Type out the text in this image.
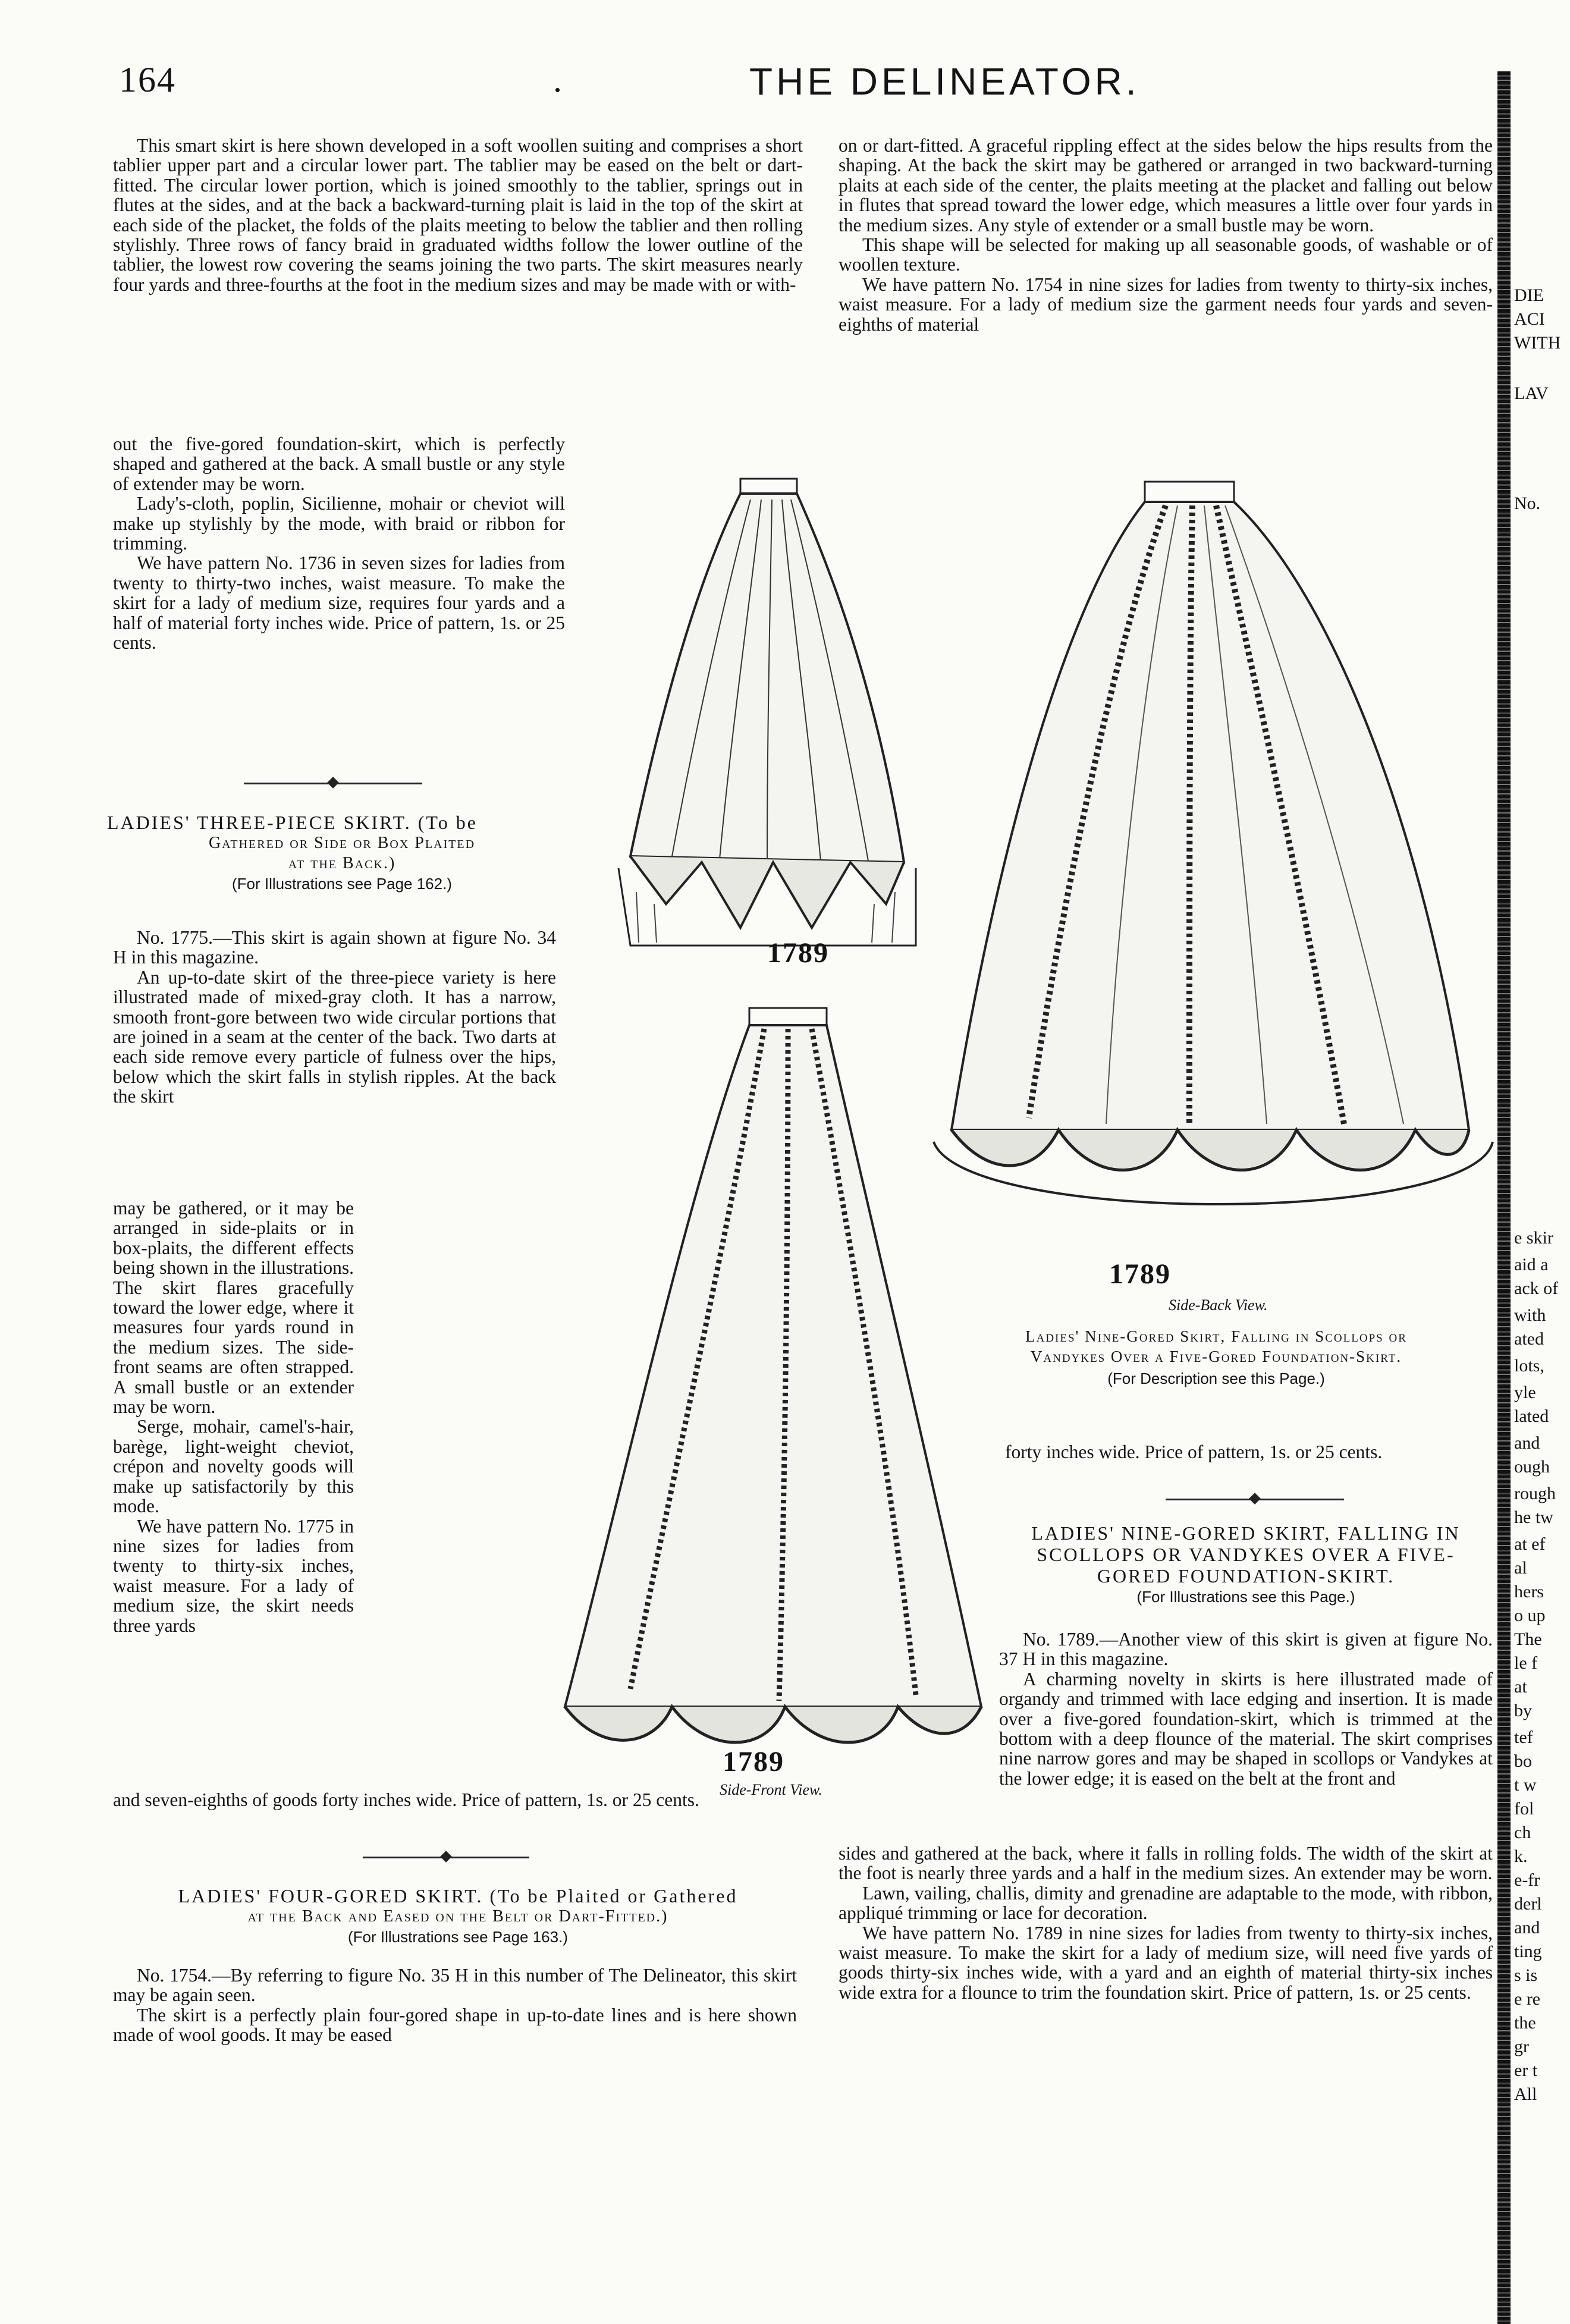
164	.	THE DELINEATOR.

This smart skirt is here shown developed in a soft woollen suiting and comprises a short tablier upper part and a circular lower part. The tablier may be eased on the belt or dart-fitted. The circular lower portion, which is joined smoothly to the tablier, springs out in flutes at the sides, and at the back a backward-turning plait is laid in the top of the skirt at each side of the placket, the folds of the plaits meeting to below the tablier and then rolling stylishly. Three rows of fancy braid in graduated widths follow the lower outline of the tablier, the lowest row covering the seams joining the two parts. The skirt measures nearly four yards and three-fourths at the foot in the medium sizes and may be made with or with-

out the five-gored foundation-skirt, which is perfectly shaped and gathered at the back. A small bustle or any style of extender may be worn.

Lady's-cloth, poplin, Sicilienne, mohair or cheviot will make up stylishly by the mode, with braid or ribbon for trimming.

We have pattern No. 1736 in seven sizes for ladies from twenty to thirty-two inches, waist measure. To make the skirt for a lady of medium size, requires four yards and a half of material forty inches wide. Price of pattern, 1s. or 25 cents.

LADIES' THREE-PIECE SKIRT. (To be
Gathered or Side or Box Plaited
at the Back.)
(For Illustrations see Page 162.)

No. 1775.—This skirt is again shown at figure No. 34 H in this magazine.

An up-to-date skirt of the three-piece variety is here illustrated made of mixed-gray cloth. It has a narrow, smooth front-gore between two wide circular portions that are joined in a seam at the center of the back. Two darts at each side remove every particle of fulness over the hips, below which the skirt falls in stylish ripples. At the back the skirt

may be gathered, or it may be arranged in side-plaits or in box-plaits, the different effects being shown in the illustrations. The skirt flares gracefully toward the lower edge, where it measures four yards round in the medium sizes. The side-front seams are often strapped. A small bustle or an extender may be worn.

Serge, mohair, camel's-hair, barège, light-weight cheviot, crépon and novelty goods will make up satisfactorily by this mode.

We have pattern No. 1775 in nine sizes for ladies from twenty to thirty-six inches, waist measure. For a lady of medium size, the skirt needs three yards

and seven-eighths of goods forty inches wide. Price of pattern, 1s. or 25 cents.

LADIES' FOUR-GORED SKIRT. (To be Plaited or Gathered
at the Back and Eased on the Belt or Dart-Fitted.)
(For Illustrations see Page 163.)

No. 1754.—By referring to figure No. 35 H in this number of The Delineator, this skirt may be again seen.

The skirt is a perfectly plain four-gored shape in up-to-date lines and is here shown made of wool goods. It may be eased

on or dart-fitted. A graceful rippling effect at the sides below the hips results from the shaping. At the back the skirt may be gathered or arranged in two backward-turning plaits at each side of the center, the plaits meeting at the placket and falling out below in flutes that spread toward the lower edge, which measures a little over four yards in the medium sizes. Any style of extender or a small bustle may be worn.

This shape will be selected for making up all seasonable goods, of washable or of woollen texture.

We have pattern No. 1754 in nine sizes for ladies from twenty to thirty-six inches, waist measure. For a lady of medium size the garment needs four yards and seven-eighths of material

1789
1789
Side-Back View.
1789
Side-Front View.
Ladies' Nine-Gored Skirt, Falling in Scollops or
Vandykes Over a Five-Gored Foundation-Skirt.
(For Description see this Page.)

forty inches wide. Price of pattern, 1s. or 25 cents.

LADIES' NINE-GORED SKIRT, FALLING IN
SCOLLOPS OR VANDYKES OVER A FIVE-
GORED FOUNDATION-SKIRT.
(For Illustrations see this Page.)

No. 1789.—Another view of this skirt is given at figure No. 37 H in this magazine.

A charming novelty in skirts is here illustrated made of organdy and trimmed with lace edging and insertion. It is made over a five-gored foundation-skirt, which is trimmed at the bottom with a deep flounce of the material. The skirt comprises nine narrow gores and may be shaped in scollops or Vandykes at the lower edge; it is eased on the belt at the front and

sides and gathered at the back, where it falls in rolling folds. The width of the skirt at the foot is nearly three yards and a half in the medium sizes. An extender may be worn.

Lawn, vailing, challis, dimity and grenadine are adaptable to the mode, with ribbon, appliqué trimming or lace for decoration.

We have pattern No. 1789 in nine sizes for ladies from twenty to thirty-six inches, waist measure. To make the skirt for a lady of medium size, will need five yards of goods thirty-six inches wide, with a yard and an eighth of material thirty-six inches wide extra for a flounce to trim the foundation skirt. Price of pattern, 1s. or 25 cents.

DIE
ACI
WITH
LAV
No.
e skir
aid a
ack of
with
ated
lots,
yle
lated
and
ough
rough
he tw
at ef
al
hers
o up
The
le f
at
by
tef
bo
t w
fol
ch
k.
e-fr
derl
and
ting
s is
e re
the
gr
er t
All
